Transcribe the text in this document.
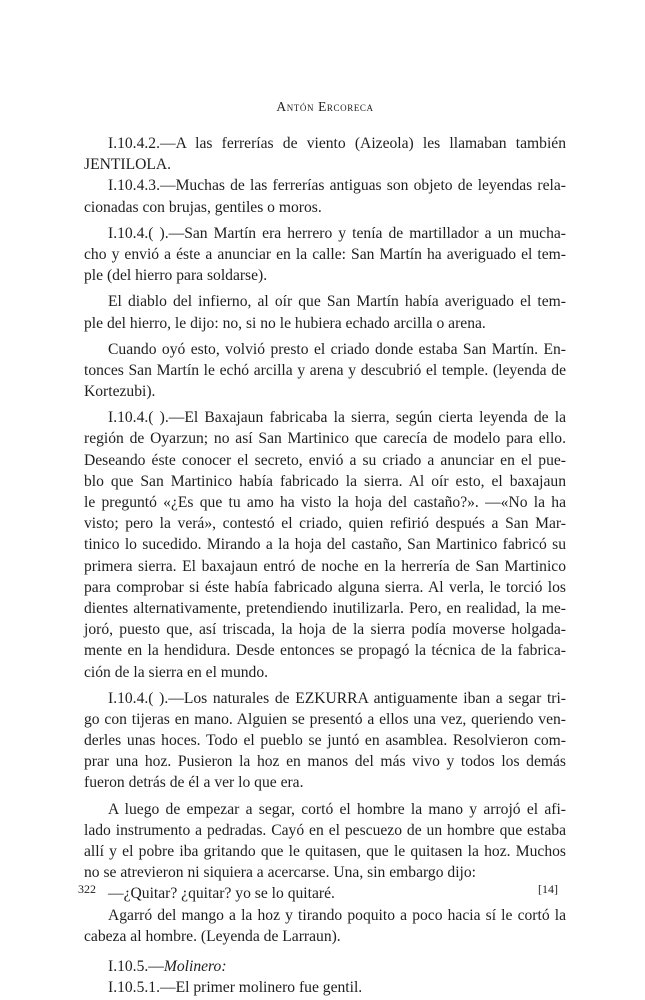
Antón Ercoreca
I.10.4.2.—A las ferrerías de viento (Aizeola) les llamaban también
JENTILOLA.
I.10.4.3.—Muchas de las ferrerías antiguas son objeto de leyendas rela-
cionadas con brujas, gentiles o moros.
I.10.4.( ).—San Martín era herrero y tenía de martillador a un mucha-
cho y envió a éste a anunciar en la calle: San Martín ha averiguado el tem-
ple (del hierro para soldarse).
El diablo del infierno, al oír que San Martín había averiguado el tem-
ple del hierro, le dijo: no, si no le hubiera echado arcilla o arena.
Cuando oyó esto, volvió presto el criado donde estaba San Martín. En-
tonces San Martín le echó arcilla y arena y descubrió el temple. (leyenda de
Kortezubi).
I.10.4.( ).—El Baxajaun fabricaba la sierra, según cierta leyenda de la
región de Oyarzun; no así San Martinico que carecía de modelo para ello.
Deseando éste conocer el secreto, envió a su criado a anunciar en el pue-
blo que San Martinico había fabricado la sierra. Al oír esto, el baxajaun
le preguntó «¿Es que tu amo ha visto la hoja del castaño?». —«No la ha
visto; pero la verá», contestó el criado, quien refirió después a San Mar-
tinico lo sucedido. Mirando a la hoja del castaño, San Martinico fabricó su
primera sierra. El baxajaun entró de noche en la herrería de San Martinico
para comprobar si éste había fabricado alguna sierra. Al verla, le torció los
dientes alternativamente, pretendiendo inutilizarla. Pero, en realidad, la me-
joró, puesto que, así triscada, la hoja de la sierra podía moverse holgada-
mente en la hendidura. Desde entonces se propagó la técnica de la fabrica-
ción de la sierra en el mundo.
I.10.4.( ).—Los naturales de EZKURRA antiguamente iban a segar tri-
go con tijeras en mano. Alguien se presentó a ellos una vez, queriendo ven-
derles unas hoces. Todo el pueblo se juntó en asamblea. Resolvieron com-
prar una hoz. Pusieron la hoz en manos del más vivo y todos los demás
fueron detrás de él a ver lo que era.
A luego de empezar a segar, cortó el hombre la mano y arrojó el afi-
lado instrumento a pedradas. Cayó en el pescuezo de un hombre que estaba
allí y el pobre iba gritando que le quitasen, que le quitasen la hoz. Muchos
no se atrevieron ni siquiera a acercarse. Una, sin embargo dijo:
—¿Quitar? ¿quitar? yo se lo quitaré.
Agarró del mango a la hoz y tirando poquito a poco hacia sí le cortó la
cabeza al hombre. (Leyenda de Larraun).
I.10.5.—Molinero:
I.10.5.1.—El primer molinero fue gentil.
322	[14]
